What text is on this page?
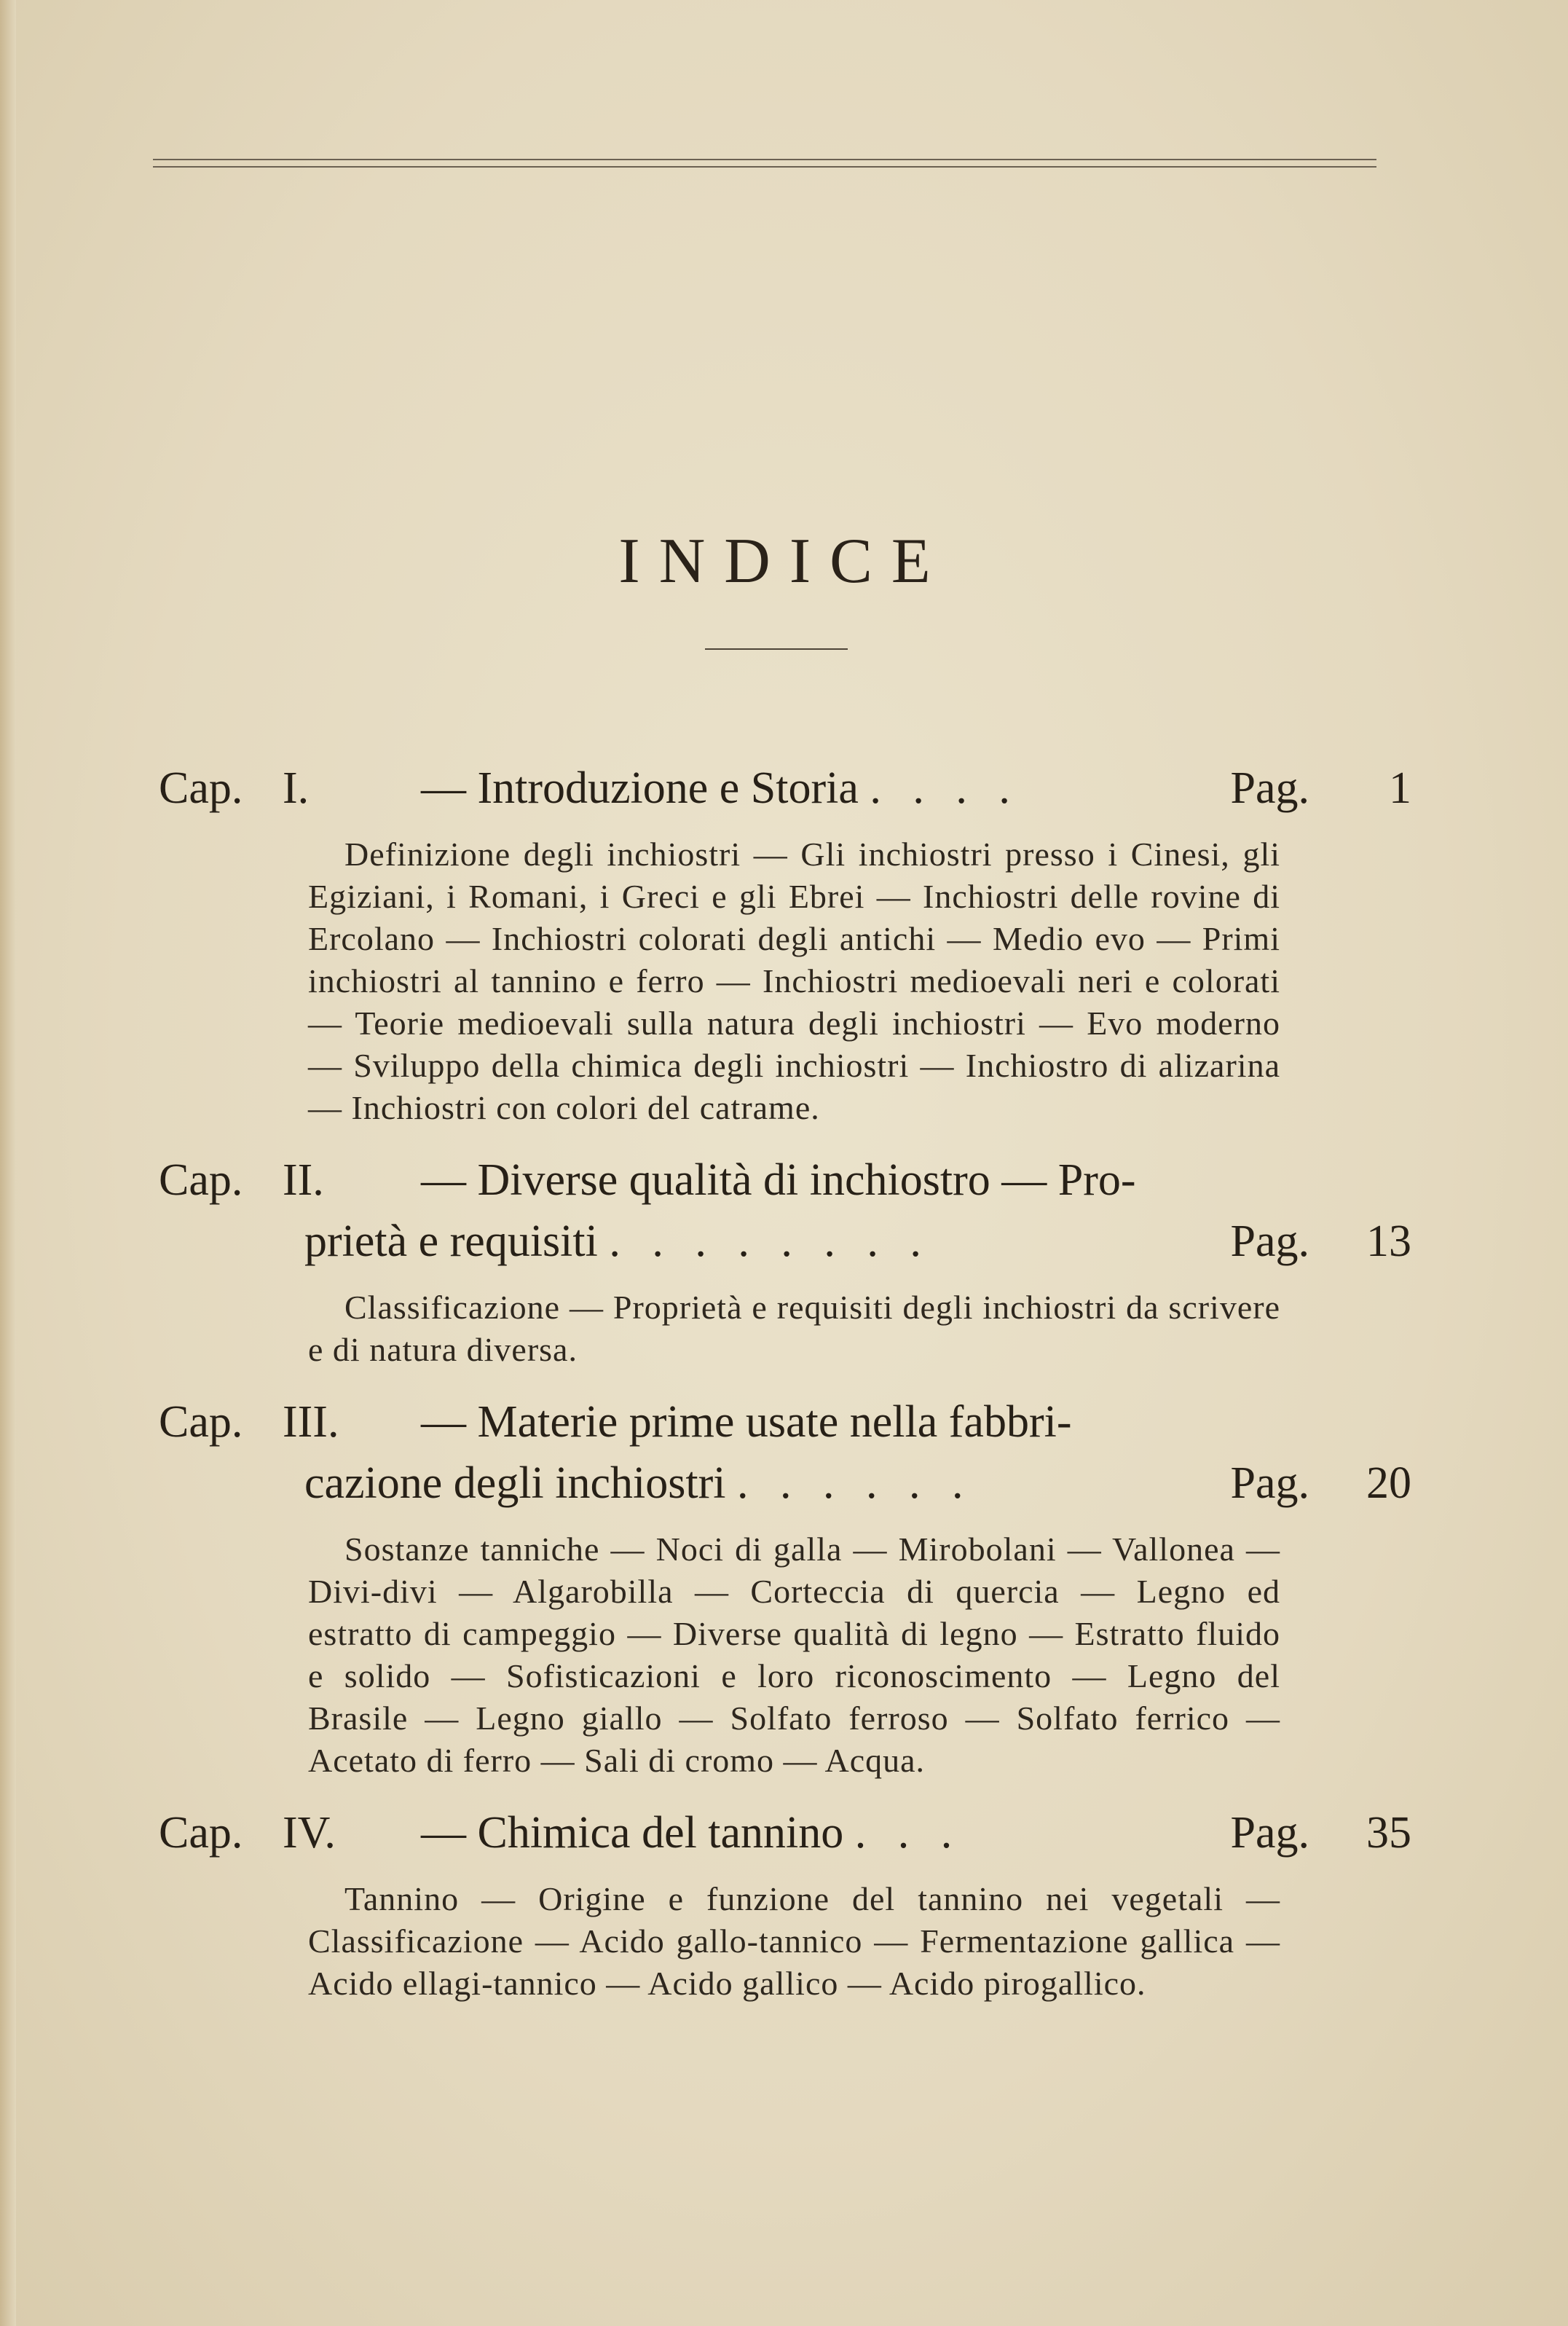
INDICE
Cap. I. — Introduzione e Storia . . . .	Pag.	1

Definizione degli inchiostri — Gli inchiostri presso i Cinesi, gli Egiziani, i Romani, i Greci e gli Ebrei — Inchiostri delle rovine di Ercolano — Inchiostri colorati degli antichi — Medio evo — Primi inchiostri al tannino e ferro — Inchiostri medioevali neri e colorati — Teorie medioevali sulla natura degli inchiostri — Evo moderno — Sviluppo della chimica degli inchiostri — Inchiostro di alizarina — Inchiostri con colori del catrame.

Cap. II. — Diverse qualità di inchiostro — Pro-
prietà e requisiti . . . . . . . .	Pag.	13

Classificazione — Proprietà e requisiti degli inchiostri da scrivere e di natura diversa.

Cap. III. — Materie prime usate nella fabbri-
cazione degli inchiostri . . . . . .	Pag.	20

Sostanze tanniche — Noci di galla — Mirobolani — Vallonea — Divi-divi — Algarobilla — Corteccia di quercia — Legno ed estratto di campeggio — Diverse qualità di legno — Estratto fluido e solido — Sofisticazioni e loro riconoscimento — Legno del Brasile — Legno giallo — Solfato ferroso — Solfato ferrico — Acetato di ferro — Sali di cromo — Acqua.

Cap. IV. — Chimica del tannino . . .	Pag.	35

Tannino — Origine e funzione del tannino nei vegetali — Classificazione — Acido gallo-tannico — Fermentazione gallica — Acido ellagi-tannico — Acido gallico — Acido pirogallico.
